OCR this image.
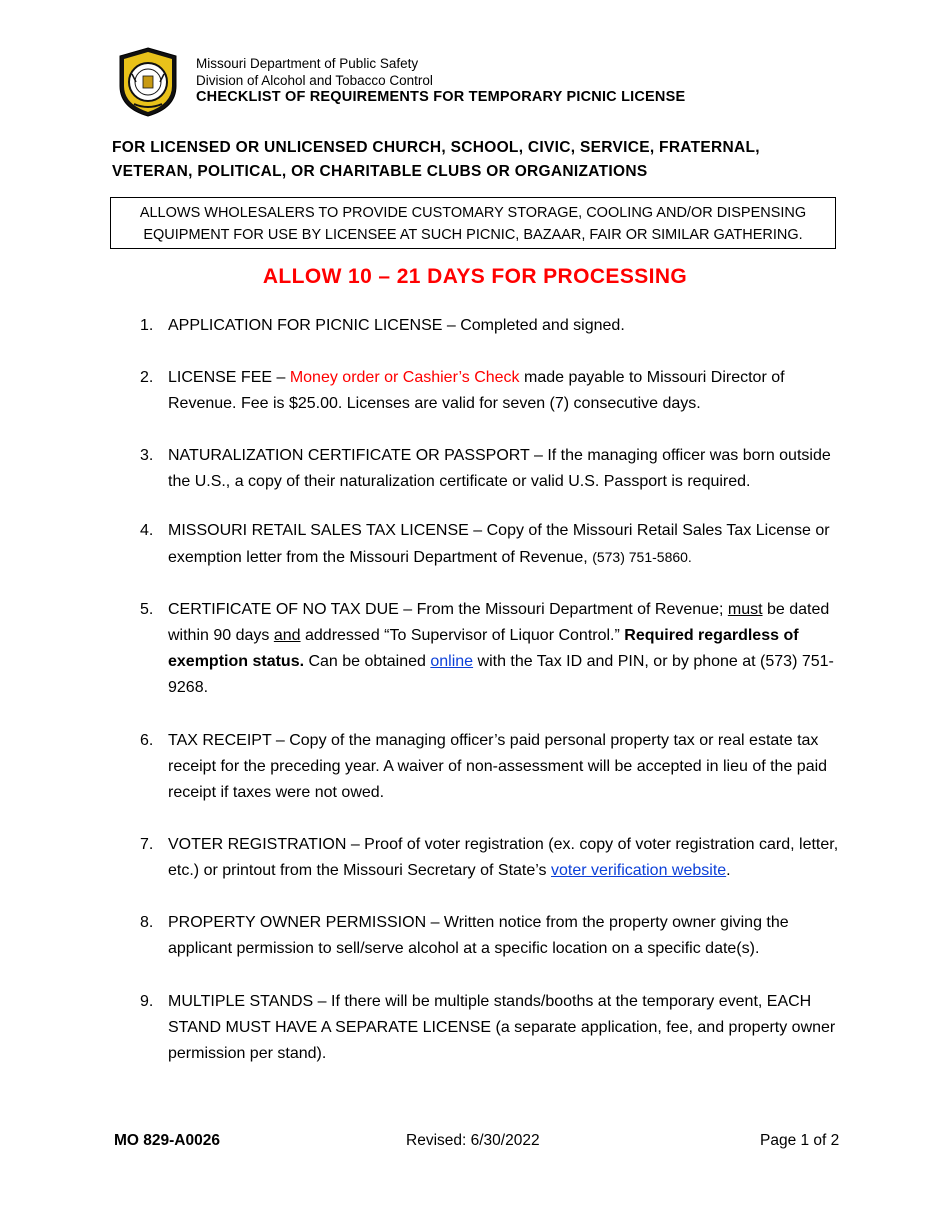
Missouri Department of Public Safety
Division of Alcohol and Tobacco Control
CHECKLIST OF REQUIREMENTS FOR TEMPORARY PICNIC LICENSE
FOR LICENSED OR UNLICENSED CHURCH, SCHOOL, CIVIC, SERVICE, FRATERNAL,
VETERAN, POLITICAL, OR CHARITABLE CLUBS OR ORGANIZATIONS
ALLOWS WHOLESALERS TO PROVIDE CUSTOMARY STORAGE, COOLING AND/OR DISPENSING
EQUIPMENT FOR USE BY LICENSEE AT SUCH PICNIC, BAZAAR, FAIR OR SIMILAR GATHERING.
ALLOW 10 – 21 DAYS FOR PROCESSING
1. APPLICATION FOR PICNIC LICENSE – Completed and signed.
2. LICENSE FEE – Money order or Cashier’s Check made payable to Missouri Director of Revenue. Fee is $25.00. Licenses are valid for seven (7) consecutive days.
3. NATURALIZATION CERTIFICATE OR PASSPORT – If the managing officer was born outside the U.S., a copy of their naturalization certificate or valid U.S. Passport is required.
4. MISSOURI RETAIL SALES TAX LICENSE – Copy of the Missouri Retail Sales Tax License or exemption letter from the Missouri Department of Revenue, (573) 751-5860.
5. CERTIFICATE OF NO TAX DUE – From the Missouri Department of Revenue; must be dated within 90 days and addressed “To Supervisor of Liquor Control.” Required regardless of exemption status. Can be obtained online with the Tax ID and PIN, or by phone at (573) 751-9268.
6. TAX RECEIPT – Copy of the managing officer’s paid personal property tax or real estate tax receipt for the preceding year. A waiver of non-assessment will be accepted in lieu of the paid receipt if taxes were not owed.
7. VOTER REGISTRATION – Proof of voter registration (ex. copy of voter registration card, letter, etc.) or printout from the Missouri Secretary of State’s voter verification website.
8. PROPERTY OWNER PERMISSION – Written notice from the property owner giving the applicant permission to sell/serve alcohol at a specific location on a specific date(s).
9. MULTIPLE STANDS – If there will be multiple stands/booths at the temporary event, EACH STAND MUST HAVE A SEPARATE LICENSE (a separate application, fee, and property owner permission per stand).
MO 829-A0026	Revised: 6/30/2022	Page 1 of 2
